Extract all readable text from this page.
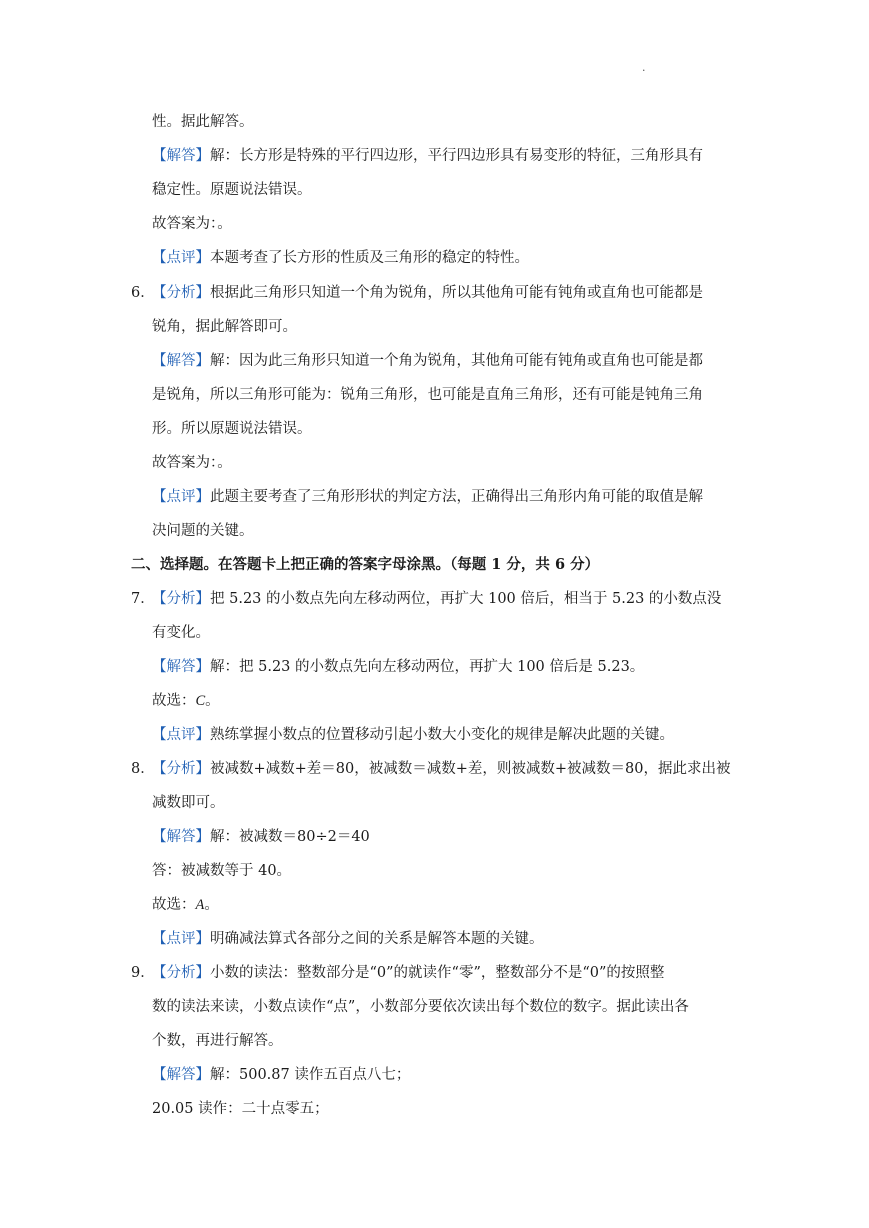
·
性。据此解答。
【解答】解：长方形是特殊的平行四边形，平行四边形具有易变形的特征，三角形具有
稳定性。原题说法错误。
故答案为：。
【点评】本题考查了长方形的性质及三角形的稳定的特性。
6．
【分析】根据此三角形只知道一个角为锐角，所以其他角可能有钝角或直角也可能都是
锐角，据此解答即可。
【解答】解：因为此三角形只知道一个角为锐角，其他角可能有钝角或直角也可能是都
是锐角，所以三角形可能为：锐角三角形，也可能是直角三角形，还有可能是钝角三角
形。所以原题说法错误。
故答案为：。
【点评】此题主要考查了三角形形状的判定方法，正确得出三角形内角可能的取值是解
决问题的关键。
二、选择题。在答题卡上把正确的答案字母涂黑。（每题 1 分，共 6 分）
7．
【分析】把 5.23 的小数点先向左移动两位，再扩大 100 倍后，相当于 5.23 的小数点没
有变化。
【解答】解：把 5.23 的小数点先向左移动两位，再扩大 100 倍后是 5.23。
故选：C。
【点评】熟练掌握小数点的位置移动引起小数大小变化的规律是解决此题的关键。
8．
【分析】被减数+减数+差＝80，被减数＝减数+差，则被减数+被减数＝80，据此求出被
减数即可。
【解答】解：被减数＝80÷2＝40
答：被减数等于 40。
故选：A。
【点评】明确减法算式各部分之间的关系是解答本题的关键。
9．
【分析】小数的读法：整数部分是“0”的就读作“零”，整数部分不是“0”的按照整
数的读法来读，小数点读作“点”，小数部分要依次读出每个数位的数字。据此读出各
个数，再进行解答。
【解答】解：500.87 读作五百点八七；
20.05 读作：二十点零五；
